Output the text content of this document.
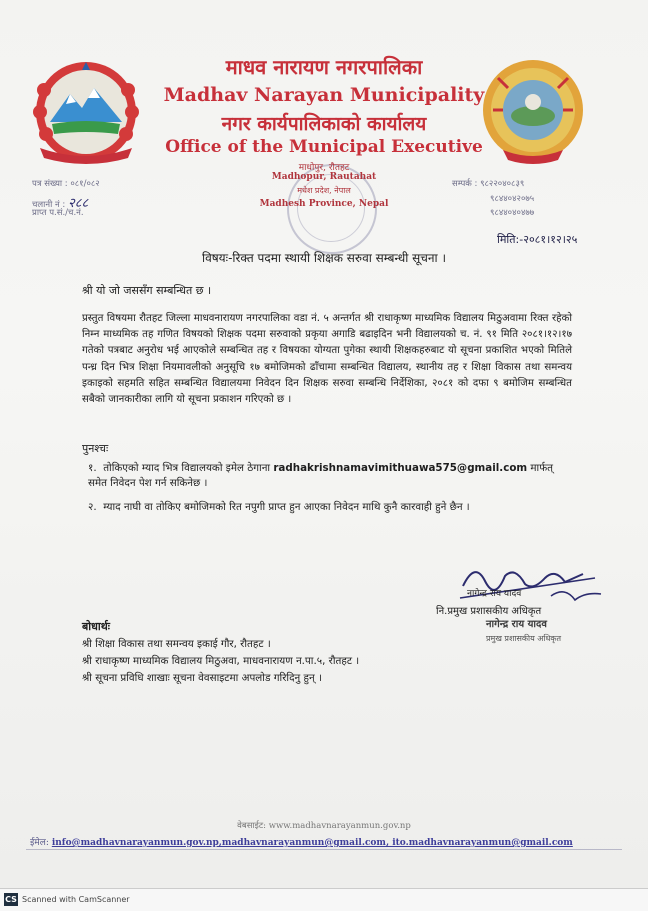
माधव नारायण नगरपालिका
Madhav Narayan Municipality
नगर कार्यपालिकाको कार्यालय
Office of the Municipal Executive
माधोपुर, रौतहट
Madhopur, Rautahat
मधेश प्रदेश, नेपाल
Madhesh Province, Nepal
पत्र संख्या : ०८१/०८२
चलानी नं : २८८
प्राप्त प.सं./च.नं.
सम्पर्क : ९८२२०४०८३९
९८४४०४२०७५
९८४४०४०४७७
मिति:-२०८१।१२।२५
विषयः-रिक्त पदमा स्थायी शिक्षक सरुवा सम्बन्धी सूचना ।
श्री यो जो जससँग सम्बन्धित छ ।
प्रस्तुत विषयमा रौतहट जिल्ला माधवनारायण नगरपालिका वडा नं. ५ अन्तर्गत श्री राधाकृष्ण माध्यमिक विद्यालय मिठुअवामा रिक्त रहेको निम्न माध्यमिक तह गणित विषयको शिक्षक पदमा सरुवाको प्रकृया अगाडि बढाइदिन भनी विद्यालयको च. नं. ९१ मिति २०८१।१२।१७ गतेको पत्रबाट अनुरोध भई आएकोले सम्बन्धित तह र विषयका योग्यता पुगेका स्थायी शिक्षकहरुबाट यो सूचना प्रकाशित भएको मितिले पन्ध्र दिन भित्र शिक्षा नियमावलीको अनुसूचि १७ बमोजिमको ढाँचामा सम्बन्धित विद्यालय, स्थानीय तह र शिक्षा विकास तथा समन्वय इकाइको सहमति सहित सम्बन्धित विद्यालयमा निवेदन दिन शिक्षक सरुवा सम्बन्धि निर्देशिका, २०८१ को दफा ९ बमोजिम सम्बन्धित सबैको जानकारीका लागि यो सूचना प्रकाशन गरिएको छ ।
पुनश्चः
१. तोकिएको म्याद भित्र विद्यालयको इमेल ठेगाना radhakrishnamavimithuawa575@gmail.com मार्फत् समेत निवेदन पेश गर्न सकिनेछ ।
२. म्याद नाघी वा तोकिए बमोजिमको रित नपुगी प्राप्त हुन आएका निवेदन माथि कुनै कारवाही हुने छैन ।
नागेन्द्र राय यादव
नि.प्रमुख प्रशासकीय अधिकृत
नागेन्द्र राय यादव
प्रमुख प्रशासकीय अधिकृत
बोधार्थः
श्री शिक्षा विकास तथा समन्वय इकाई गौर, रौतहट ।
श्री राधाकृष्ण माध्यमिक विद्यालय मिठुअवा, माधवनारायण न.पा.५, रौतहट ।
श्री सूचना प्रविधि शाखाः सूचना वेवसाइटमा अपलोड गरिदिनु हुन् ।
वेबसाईट: www.madhavnarayanmun.gov.np
ईमेल: info@madhavnarayanmun.gov.np,madhavnarayanmun@gmail.com, ito.madhavnarayanmun@gmail.com
CS Scanned with CamScanner
